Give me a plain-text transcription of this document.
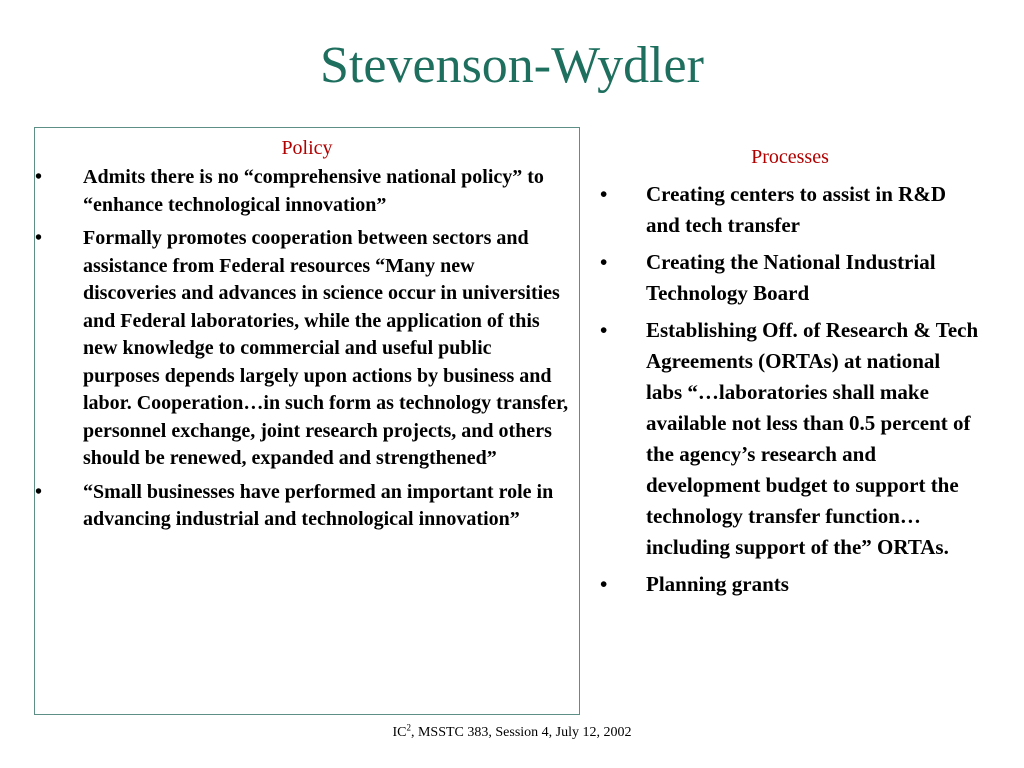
Stevenson-Wydler
Policy
• Admits there is no “comprehensive national policy” to “enhance technological innovation”
• Formally promotes cooperation between sectors and assistance from Federal resources “Many new discoveries and advances in science occur in universities and Federal laboratories, while the application of this new knowledge to commercial and useful public purposes depends largely upon actions by business and labor. Cooperation…in such form as technology transfer, personnel exchange, joint research projects, and others should be renewed, expanded and strengthened”
• “Small businesses have performed an important role in advancing industrial and technological innovation”
Processes
• Creating centers to assist in R&D and tech transfer
• Creating the National Industrial Technology Board
• Establishing Off. of Research & Tech Agreements (ORTAs) at national labs “…laboratories shall make available not less than 0.5 percent of the agency’s research and development budget to support the technology transfer function…including support of the” ORTAs.
• Planning grants
$IC^2$, MSSTC 383, Session 4, July 12, 2002
